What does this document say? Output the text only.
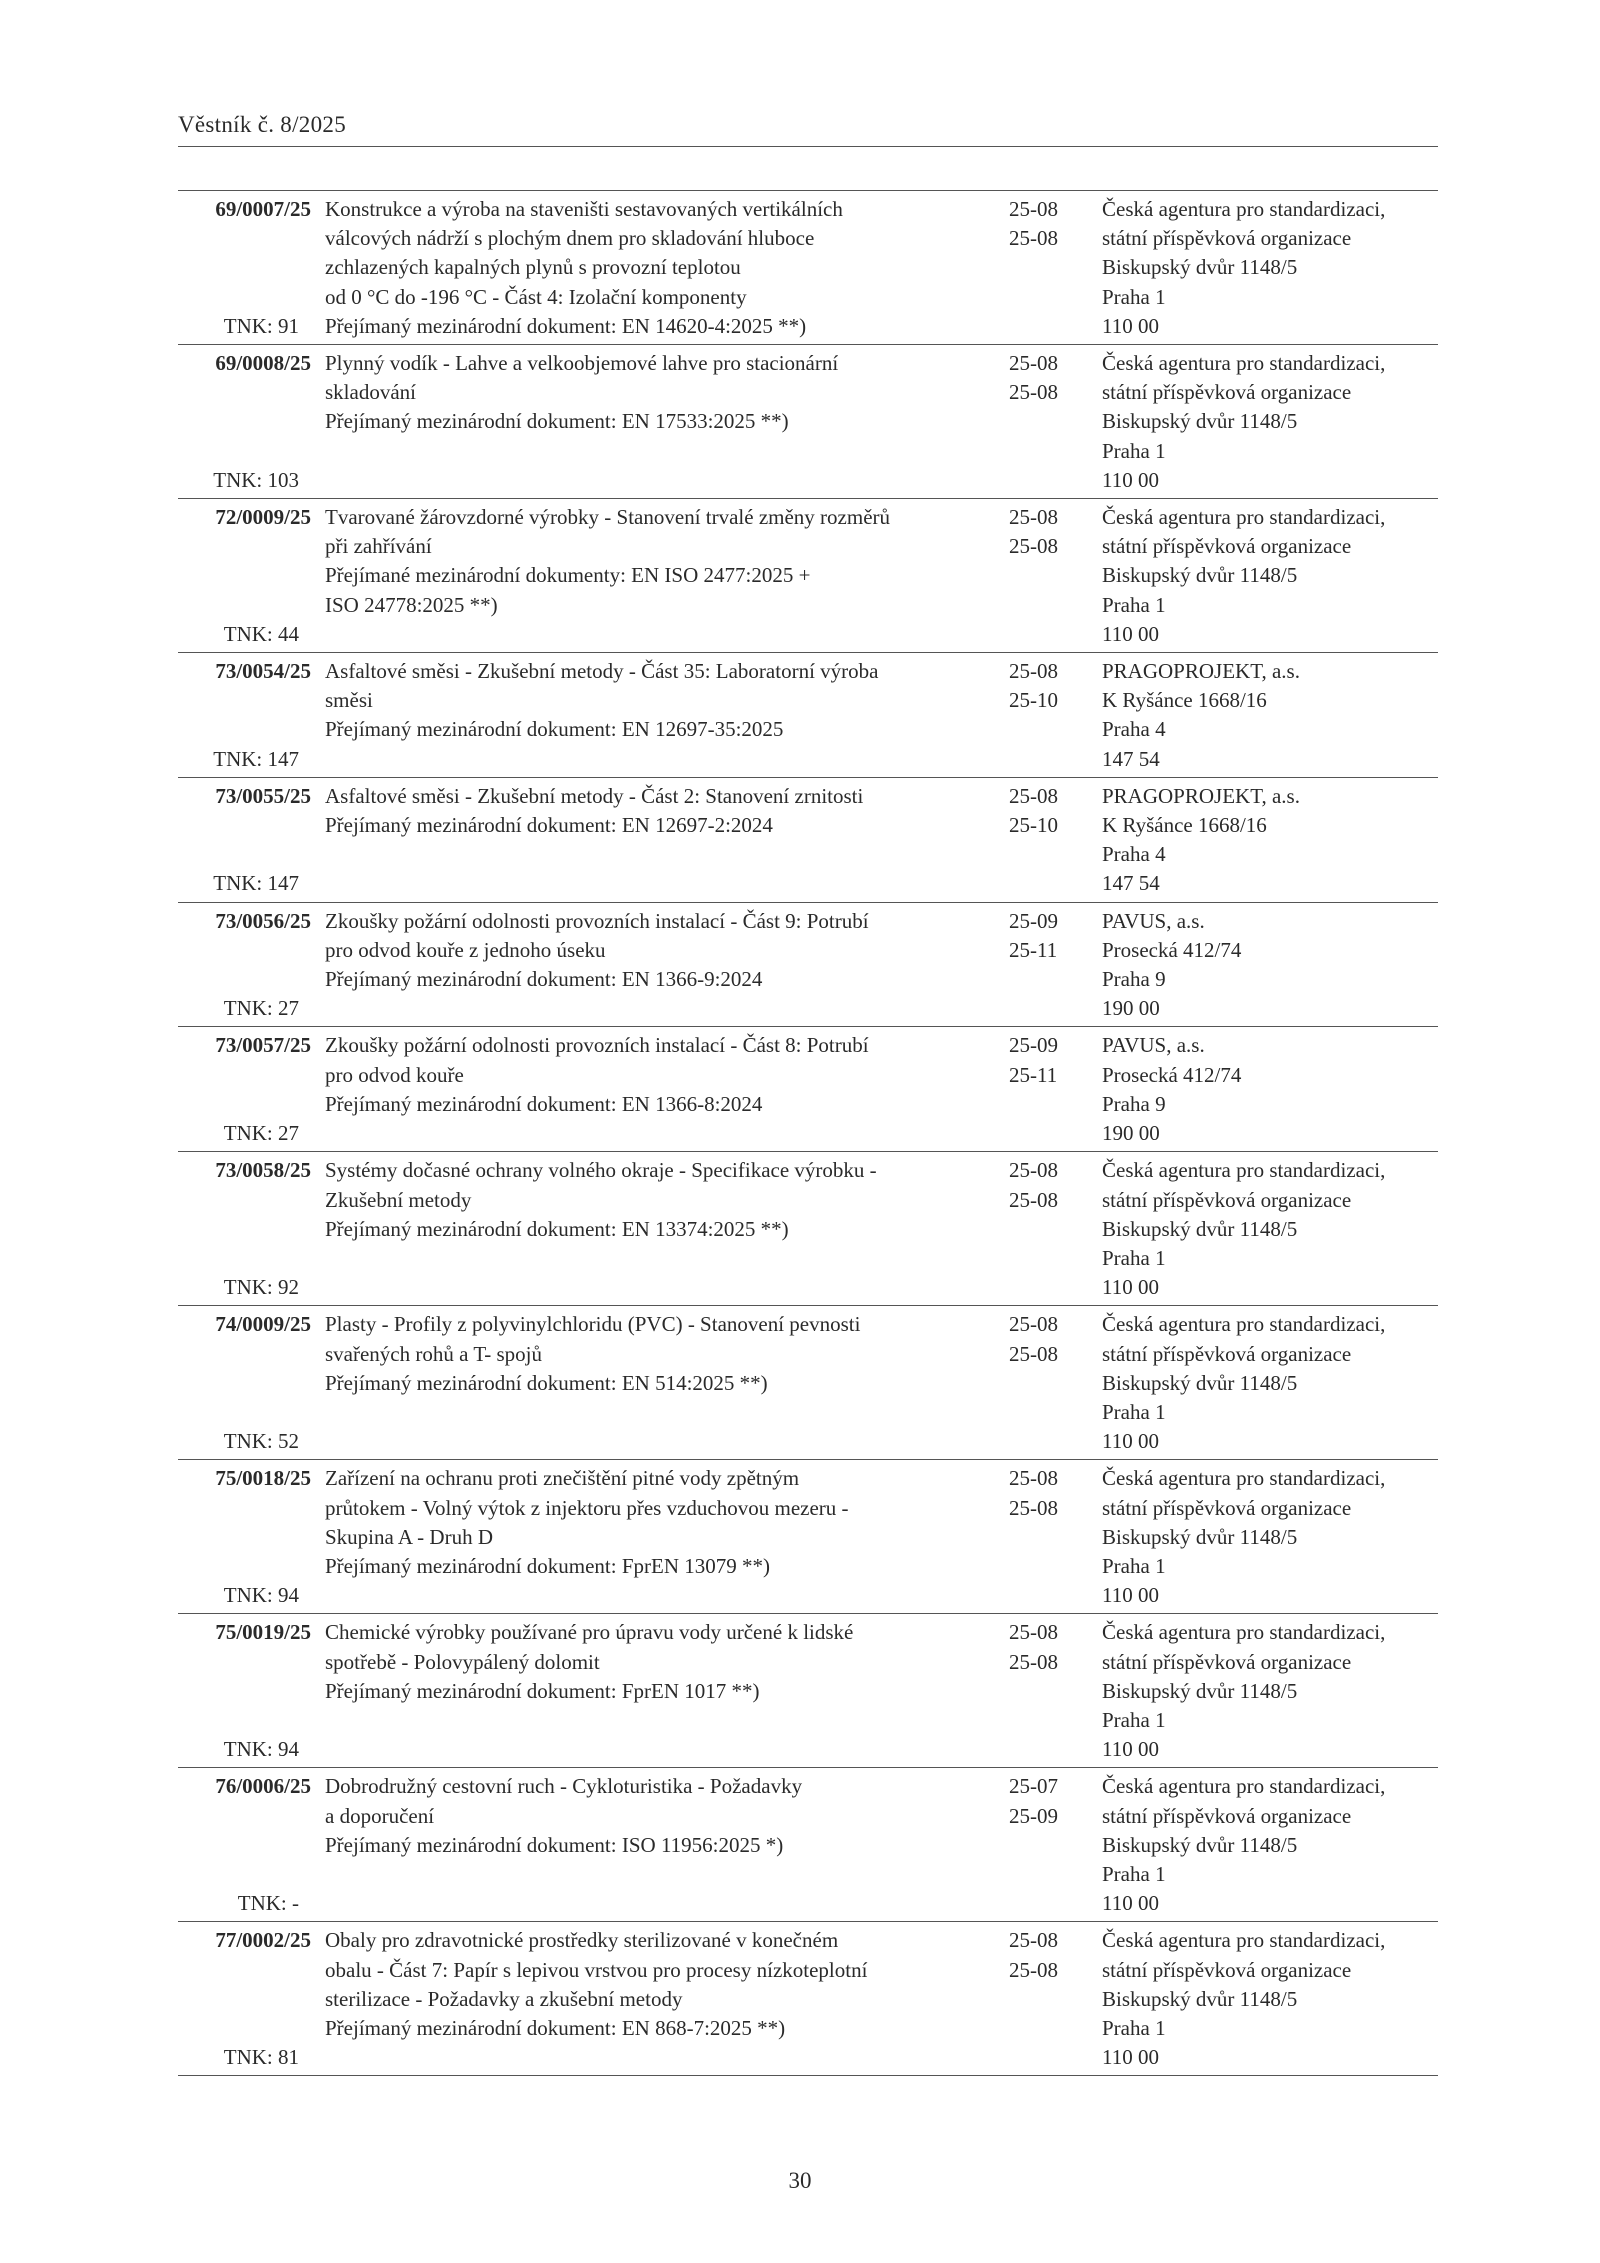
Věstník č. 8/2025
69/0007/25
TNK: 91
Konstrukce a výroba na staveništi sestavovaných vertikálních
válcových nádrží s plochým dnem pro skladování hluboce
zchlazených kapalných plynů s provozní teplotou
od 0 °C do -196 °C - Část 4: Izolační komponenty
Přejímaný mezinárodní dokument: EN 14620-4:2025 **)
25-08
25-08
Česká agentura pro standardizaci,
státní příspěvková organizace
Biskupský dvůr 1148/5
Praha 1
110 00
69/0008/25
TNK: 103
Plynný vodík - Lahve a velkoobjemové lahve pro stacionární
skladování
Přejímaný mezinárodní dokument: EN 17533:2025 **)
25-08
25-08
Česká agentura pro standardizaci,
státní příspěvková organizace
Biskupský dvůr 1148/5
Praha 1
110 00
72/0009/25
TNK: 44
Tvarované žárovzdorné výrobky - Stanovení trvalé změny rozměrů
při zahřívání
Přejímané mezinárodní dokumenty: EN ISO 2477:2025 +
ISO 24778:2025 **)
25-08
25-08
Česká agentura pro standardizaci,
státní příspěvková organizace
Biskupský dvůr 1148/5
Praha 1
110 00
73/0054/25
TNK: 147
Asfaltové směsi - Zkušební metody - Část 35: Laboratorní výroba
směsi
Přejímaný mezinárodní dokument: EN 12697-35:2025
25-08
25-10
PRAGOPROJEKT, a.s.
K Ryšánce 1668/16
Praha 4
147 54
73/0055/25
TNK: 147
Asfaltové směsi - Zkušební metody - Část 2: Stanovení zrnitosti
Přejímaný mezinárodní dokument: EN 12697-2:2024
25-08
25-10
PRAGOPROJEKT, a.s.
K Ryšánce 1668/16
Praha 4
147 54
73/0056/25
TNK: 27
Zkoušky požární odolnosti provozních instalací - Část 9: Potrubí
pro odvod kouře z jednoho úseku
Přejímaný mezinárodní dokument: EN 1366-9:2024
25-09
25-11
PAVUS, a.s.
Prosecká 412/74
Praha 9
190 00
73/0057/25
TNK: 27
Zkoušky požární odolnosti provozních instalací - Část 8: Potrubí
pro odvod kouře
Přejímaný mezinárodní dokument: EN 1366-8:2024
25-09
25-11
PAVUS, a.s.
Prosecká 412/74
Praha 9
190 00
73/0058/25
TNK: 92
Systémy dočasné ochrany volného okraje - Specifikace výrobku -
Zkušební metody
Přejímaný mezinárodní dokument: EN 13374:2025 **)
25-08
25-08
Česká agentura pro standardizaci,
státní příspěvková organizace
Biskupský dvůr 1148/5
Praha 1
110 00
74/0009/25
TNK: 52
Plasty - Profily z polyvinylchloridu (PVC) - Stanovení pevnosti
svařených rohů a T- spojů
Přejímaný mezinárodní dokument: EN 514:2025 **)
25-08
25-08
Česká agentura pro standardizaci,
státní příspěvková organizace
Biskupský dvůr 1148/5
Praha 1
110 00
75/0018/25
TNK: 94
Zařízení na ochranu proti znečištění pitné vody zpětným
průtokem - Volný výtok z injektoru přes vzduchovou mezeru -
Skupina A - Druh D
Přejímaný mezinárodní dokument: FprEN 13079 **)
25-08
25-08
Česká agentura pro standardizaci,
státní příspěvková organizace
Biskupský dvůr 1148/5
Praha 1
110 00
75/0019/25
TNK: 94
Chemické výrobky používané pro úpravu vody určené k lidské
spotřebě - Polovypálený dolomit
Přejímaný mezinárodní dokument: FprEN 1017 **)
25-08
25-08
Česká agentura pro standardizaci,
státní příspěvková organizace
Biskupský dvůr 1148/5
Praha 1
110 00
76/0006/25
TNK: -
Dobrodružný cestovní ruch - Cykloturistika - Požadavky
a doporučení
Přejímaný mezinárodní dokument: ISO 11956:2025 *)
25-07
25-09
Česká agentura pro standardizaci,
státní příspěvková organizace
Biskupský dvůr 1148/5
Praha 1
110 00
77/0002/25
TNK: 81
Obaly pro zdravotnické prostředky sterilizované v konečném
obalu - Část 7: Papír s lepivou vrstvou pro procesy nízkoteplotní
sterilizace - Požadavky a zkušební metody
Přejímaný mezinárodní dokument: EN 868-7:2025 **)
25-08
25-08
Česká agentura pro standardizaci,
státní příspěvková organizace
Biskupský dvůr 1148/5
Praha 1
110 00
30
